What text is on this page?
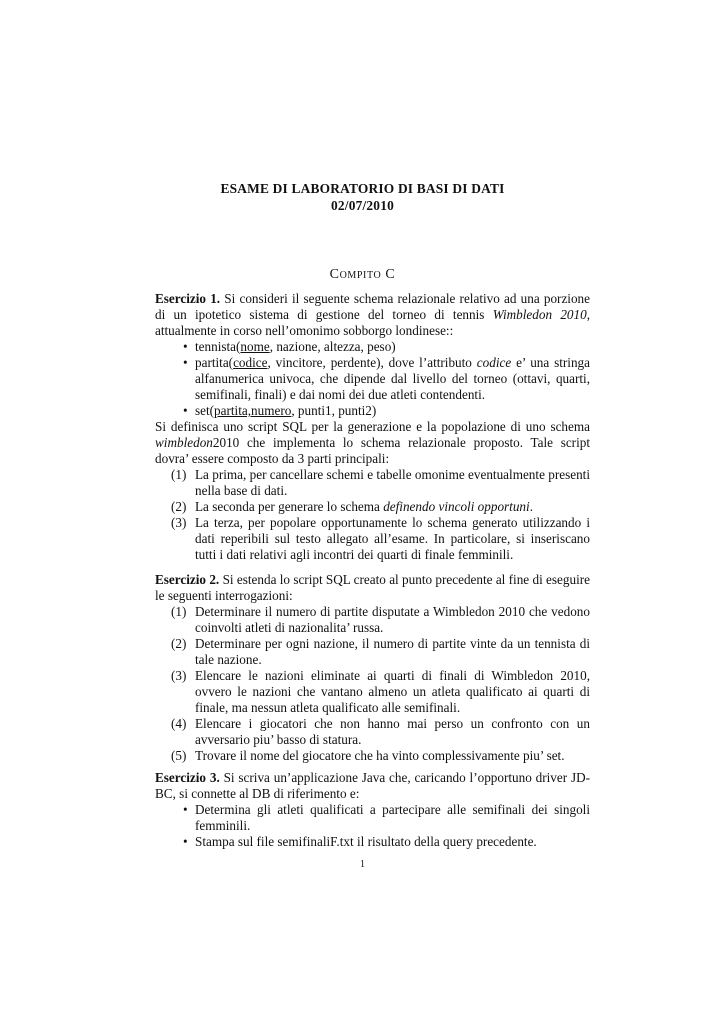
ESAME DI LABORATORIO DI BASI DI DATI
02/07/2010
Compito C

Esercizio 1. Si consideri il seguente schema relazionale relativo ad una porzione di un ipotetico sistema di gestione del torneo di tennis Wimbledon 2010, attualmente in corso nell’omonimo sobborgo londinese::

• tennista(nome, nazione, altezza, peso)
• partita(codice, vincitore, perdente), dove l’attributo codice e’ una stringa alfanumerica univoca, che dipende dal livello del torneo (ottavi, quarti, semifinali, finali) e dai nomi dei due atleti contendenti.
• set(partita,numero, punti1, punti2)

Si definisca uno script SQL per la generazione e la popolazione di uno schema wimbledon2010 che implementa lo schema relazionale proposto. Tale script dovra’ essere composto da 3 parti principali:

(1) La prima, per cancellare schemi e tabelle omonime eventualmente presenti nella base di dati.
(2) La seconda per generare lo schema definendo vincoli opportuni.
(3) La terza, per popolare opportunamente lo schema generato utilizzando i dati reperibili sul testo allegato all’esame. In particolare, si inseriscano tutti i dati relativi agli incontri dei quarti di finale femminili.

Esercizio 2. Si estenda lo script SQL creato al punto precedente al fine di eseguire le seguenti interrogazioni:

(1) Determinare il numero di partite disputate a Wimbledon 2010 che vedono coinvolti atleti di nazionalita’ russa.
(2) Determinare per ogni nazione, il numero di partite vinte da un tennista di tale nazione.
(3) Elencare le nazioni eliminate ai quarti di finali di Wimbledon 2010, ovvero le nazioni che vantano almeno un atleta qualificato ai quarti di finale, ma nessun atleta qualificato alle semifinali.
(4) Elencare i giocatori che non hanno mai perso un confronto con un avversario piu’ basso di statura.
(5) Trovare il nome del giocatore che ha vinto complessivamente piu’ set.

Esercizio 3. Si scriva un’applicazione Java che, caricando l’opportuno driver JD-BC, si connette al DB di riferimento e:

• Determina gli atleti qualificati a partecipare alle semifinali dei singoli femminili.
• Stampa sul file semifinaliF.txt il risultato della query precedente.
1
